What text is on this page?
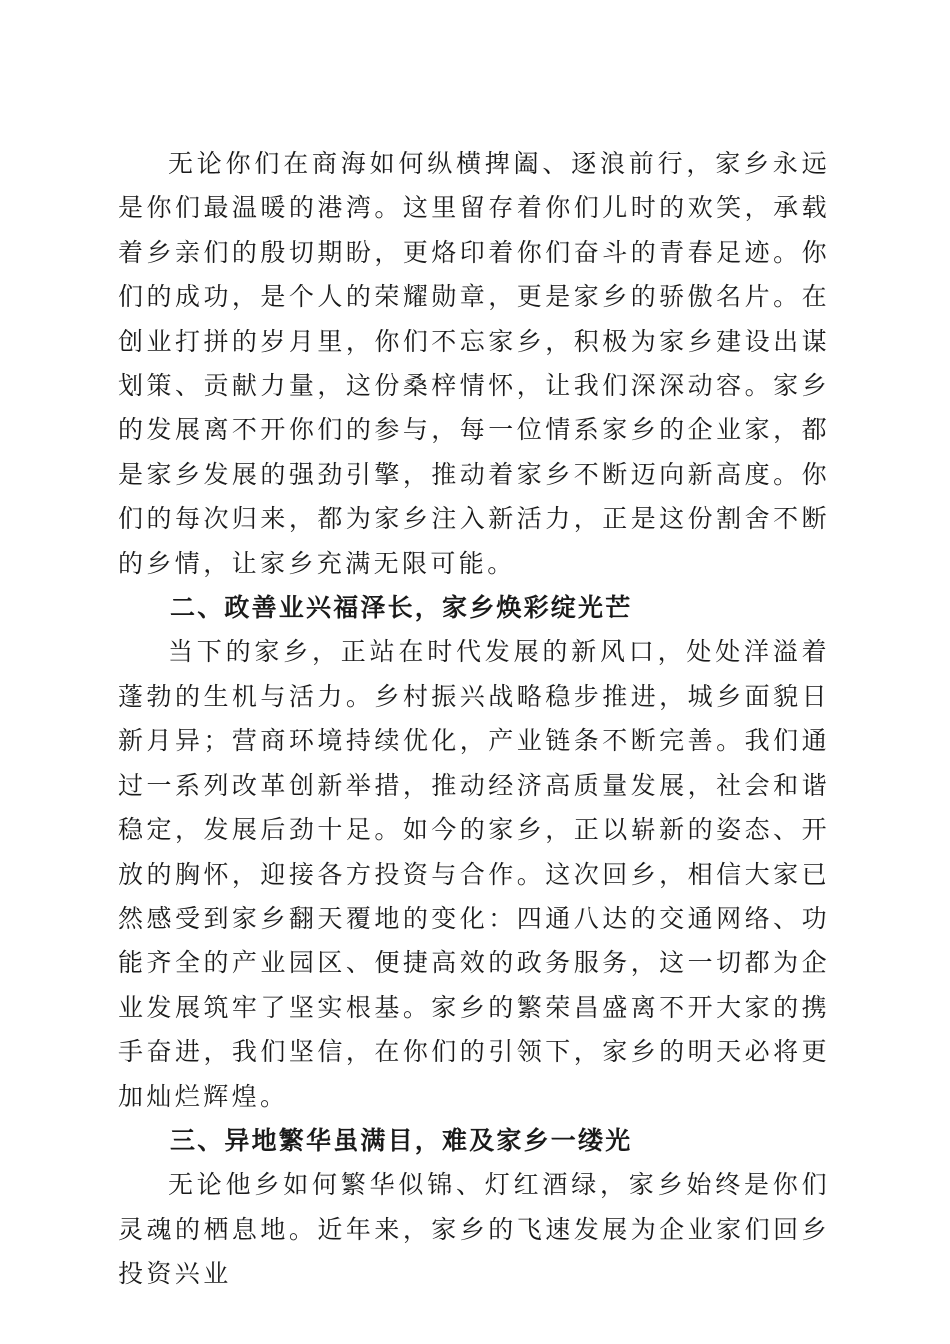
无论你们在商海如何纵横捭阖、逐浪前行，家乡永远是你们最温暖的港湾。这里留存着你们儿时的欢笑，承载着乡亲们的殷切期盼，更烙印着你们奋斗的青春足迹。你们的成功，是个人的荣耀勋章，更是家乡的骄傲名片。在创业打拼的岁月里，你们不忘家乡，积极为家乡建设出谋划策、贡献力量，这份桑梓情怀，让我们深深动容。家乡的发展离不开你们的参与，每一位情系家乡的企业家，都是家乡发展的强劲引擎，推动着家乡不断迈向新高度。你们的每次归来，都为家乡注入新活力，正是这份割舍不断的乡情，让家乡充满无限可能。

二、政善业兴福泽长，家乡焕彩绽光芒

当下的家乡，正站在时代发展的新风口，处处洋溢着蓬勃的生机与活力。乡村振兴战略稳步推进，城乡面貌日新月异；营商环境持续优化，产业链条不断完善。我们通过一系列改革创新举措，推动经济高质量发展，社会和谐稳定，发展后劲十足。如今的家乡，正以崭新的姿态、开放的胸怀，迎接各方投资与合作。这次回乡，相信大家已然感受到家乡翻天覆地的变化：四通八达的交通网络、功能齐全的产业园区、便捷高效的政务服务，这一切都为企业发展筑牢了坚实根基。家乡的繁荣昌盛离不开大家的携手奋进，我们坚信，在你们的引领下，家乡的明天必将更加灿烂辉煌。

三、异地繁华虽满目，难及家乡一缕光

无论他乡如何繁华似锦、灯红酒绿，家乡始终是你们灵魂的栖息地。近年来，家乡的飞速发展为企业家们回乡投资兴业
